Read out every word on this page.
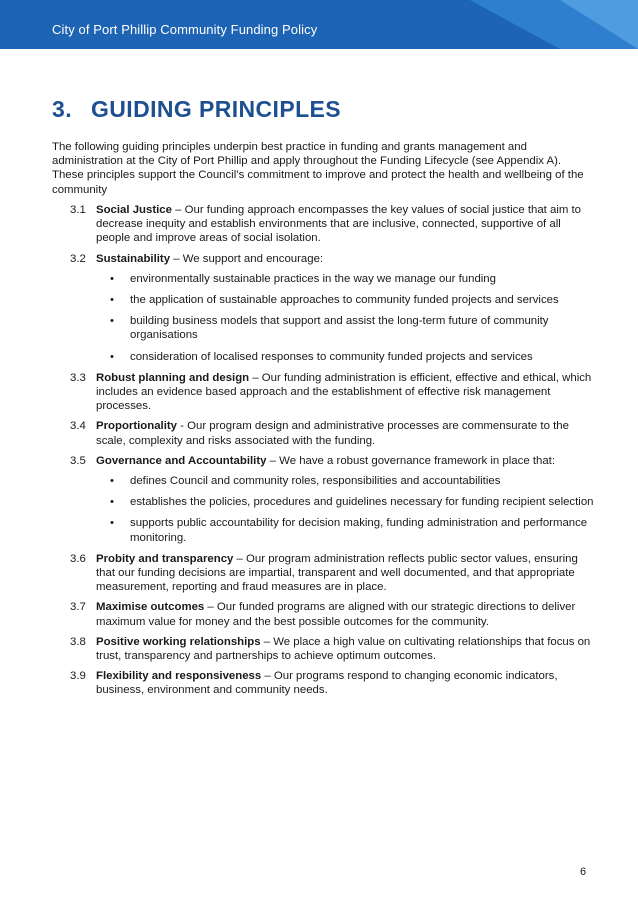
City of Port Phillip Community Funding Policy
3. GUIDING PRINCIPLES
The following guiding principles underpin best practice in funding and grants management and administration at the City of Port Phillip and apply throughout the Funding Lifecycle (see Appendix A). These principles support the Council’s commitment to improve and protect the health and wellbeing of the community
3.1 Social Justice – Our funding approach encompasses the key values of social justice that aim to decrease inequity and establish environments that are inclusive, connected, supportive of all people and improve areas of social isolation.
3.2 Sustainability – We support and encourage:
• environmentally sustainable practices in the way we manage our funding
• the application of sustainable approaches to community funded projects and services
• building business models that support and assist the long-term future of community organisations
• consideration of localised responses to community funded projects and services
3.3 Robust planning and design – Our funding administration is efficient, effective and ethical, which includes an evidence based approach and the establishment of effective risk management processes.
3.4 Proportionality - Our program design and administrative processes are commensurate to the scale, complexity and risks associated with the funding.
3.5 Governance and Accountability – We have a robust governance framework in place that:
• defines Council and community roles, responsibilities and accountabilities
• establishes the policies, procedures and guidelines necessary for funding recipient selection
• supports public accountability for decision making, funding administration and performance monitoring.
3.6 Probity and transparency – Our program administration reflects public sector values, ensuring that our funding decisions are impartial, transparent and well documented, and that appropriate measurement, reporting and fraud measures are in place.
3.7 Maximise outcomes – Our funded programs are aligned with our strategic directions to deliver maximum value for money and the best possible outcomes for the community.
3.8 Positive working relationships – We place a high value on cultivating relationships that focus on trust, transparency and partnerships to achieve optimum outcomes.
3.9 Flexibility and responsiveness – Our programs respond to changing economic indicators, business, environment and community needs.
6
